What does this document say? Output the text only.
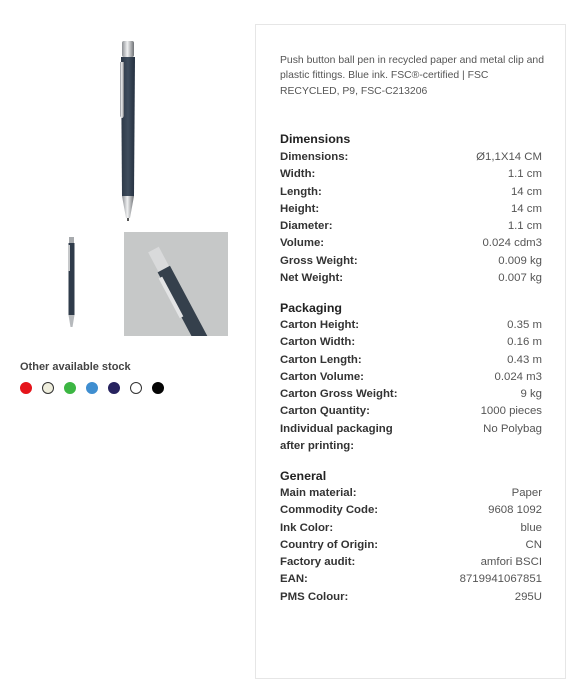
Other available stock
Push button ball pen in recycled paper and metal clip and plastic fittings. Blue ink. FSC®-certified | FSC RECYCLED, P9, FSC-C213206
Dimensions
Dimensions:	Ø1,1X14 CM
Width:	1.1 cm
Length:	14 cm
Height:	14 cm
Diameter:	1.1 cm
Volume:	0.024 cdm3
Gross Weight:	0.009 kg
Net Weight:	0.007 kg
Packaging
Carton Height:	0.35 m
Carton Width:	0.16 m
Carton Length:	0.43 m
Carton Volume:	0.024 m3
Carton Gross Weight:	9 kg
Carton Quantity:	1000 pieces
Individual packaging after printing:
No Polybag
General
Main material:	Paper
Commodity Code:	9608 1092
Ink Color:	blue
Country of Origin:	CN
Factory audit:	amfori BSCI
EAN:	8719941067851
PMS Colour:	295U
